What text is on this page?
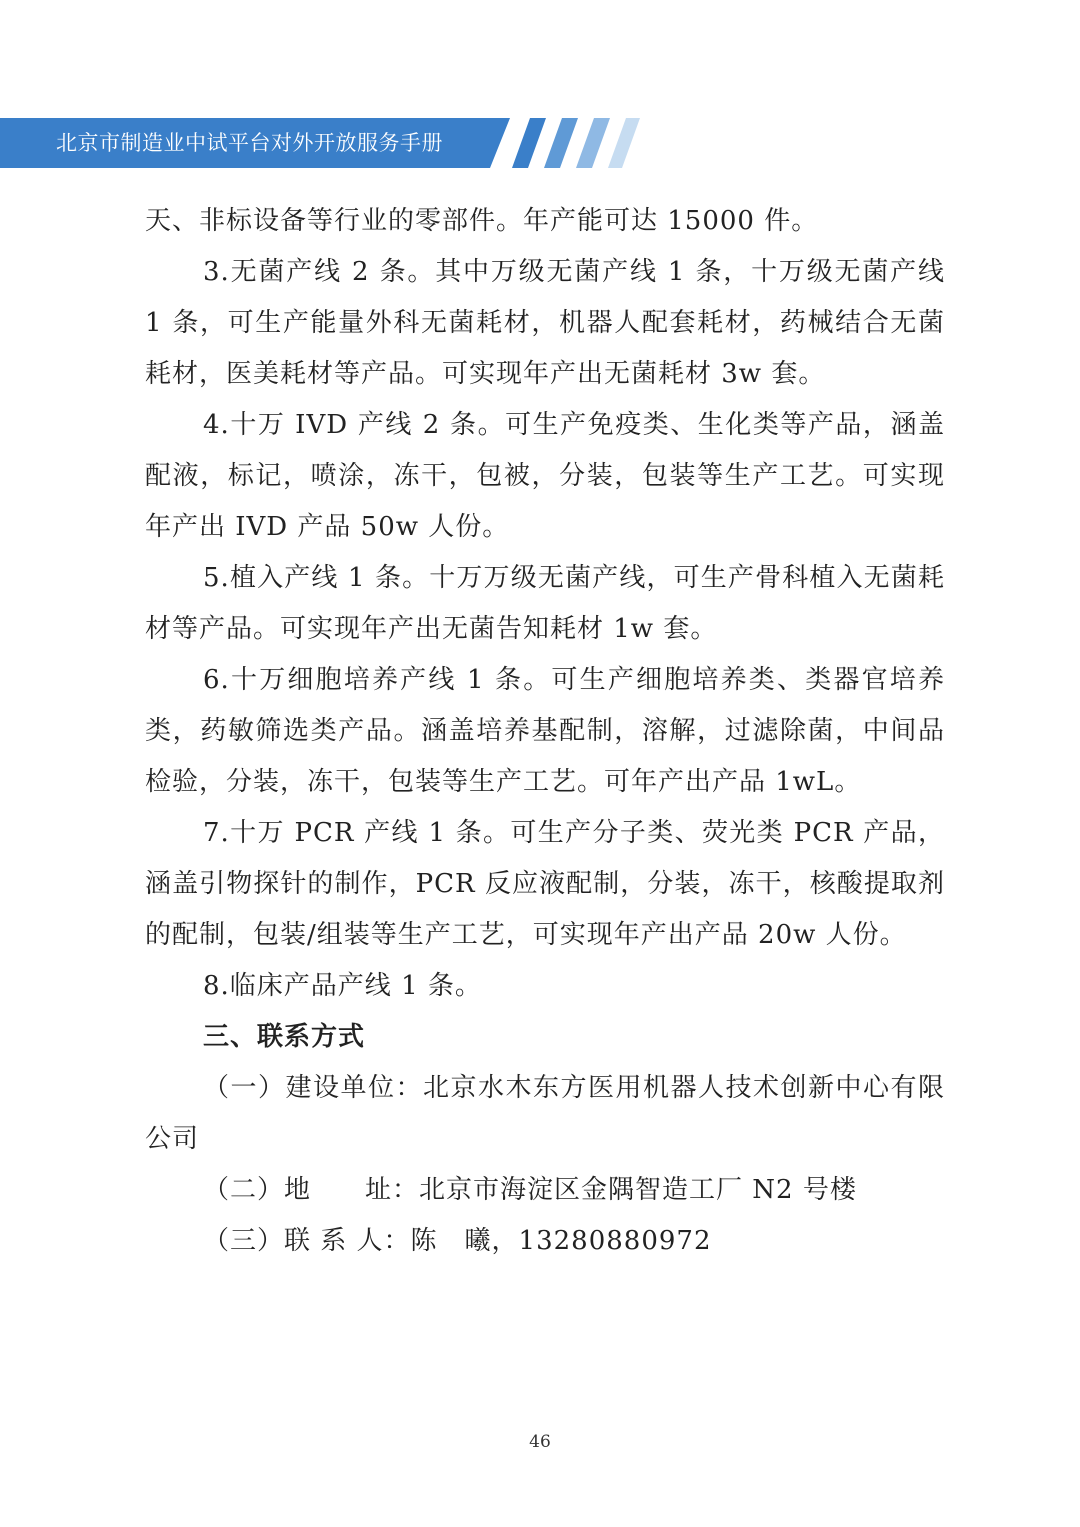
北京市制造业中试平台对外开放服务手册

天、非标设备等行业的零部件。年产能可达 15000 件。

3.无菌产线 2 条。其中万级无菌产线 1 条，十万级无菌产线 1 条，可生产能量外科无菌耗材，机器人配套耗材，药械结合无菌耗材，医美耗材等产品。可实现年产出无菌耗材 3w 套。

4.十万 IVD 产线 2 条。可生产免疫类、生化类等产品，涵盖配液，标记，喷涂，冻干，包被，分装，包装等生产工艺。可实现年产出 IVD 产品 50w 人份。

5.植入产线 1 条。十万万级无菌产线，可生产骨科植入无菌耗材等产品。可实现年产出无菌告知耗材 1w 套。

6.十万细胞培养产线 1 条。可生产细胞培养类、类器官培养类，药敏筛选类产品。涵盖培养基配制，溶解，过滤除菌，中间品检验，分装，冻干，包装等生产工艺。可年产出产品 1wL。

7.十万 PCR 产线 1 条。可生产分子类、荧光类 PCR 产品，涵盖引物探针的制作，PCR 反应液配制，分装，冻干，核酸提取剂的配制，包装/组装等生产工艺，可实现年产出产品 20w 人份。

8.临床产品产线 1 条。

三、联系方式

（一）建设单位：北京水木东方医用机器人技术创新中心有限公司

（二）地　　址：北京市海淀区金隅智造工厂 N2 号楼

（三）联 系 人：陈　曦，13280880972

46
